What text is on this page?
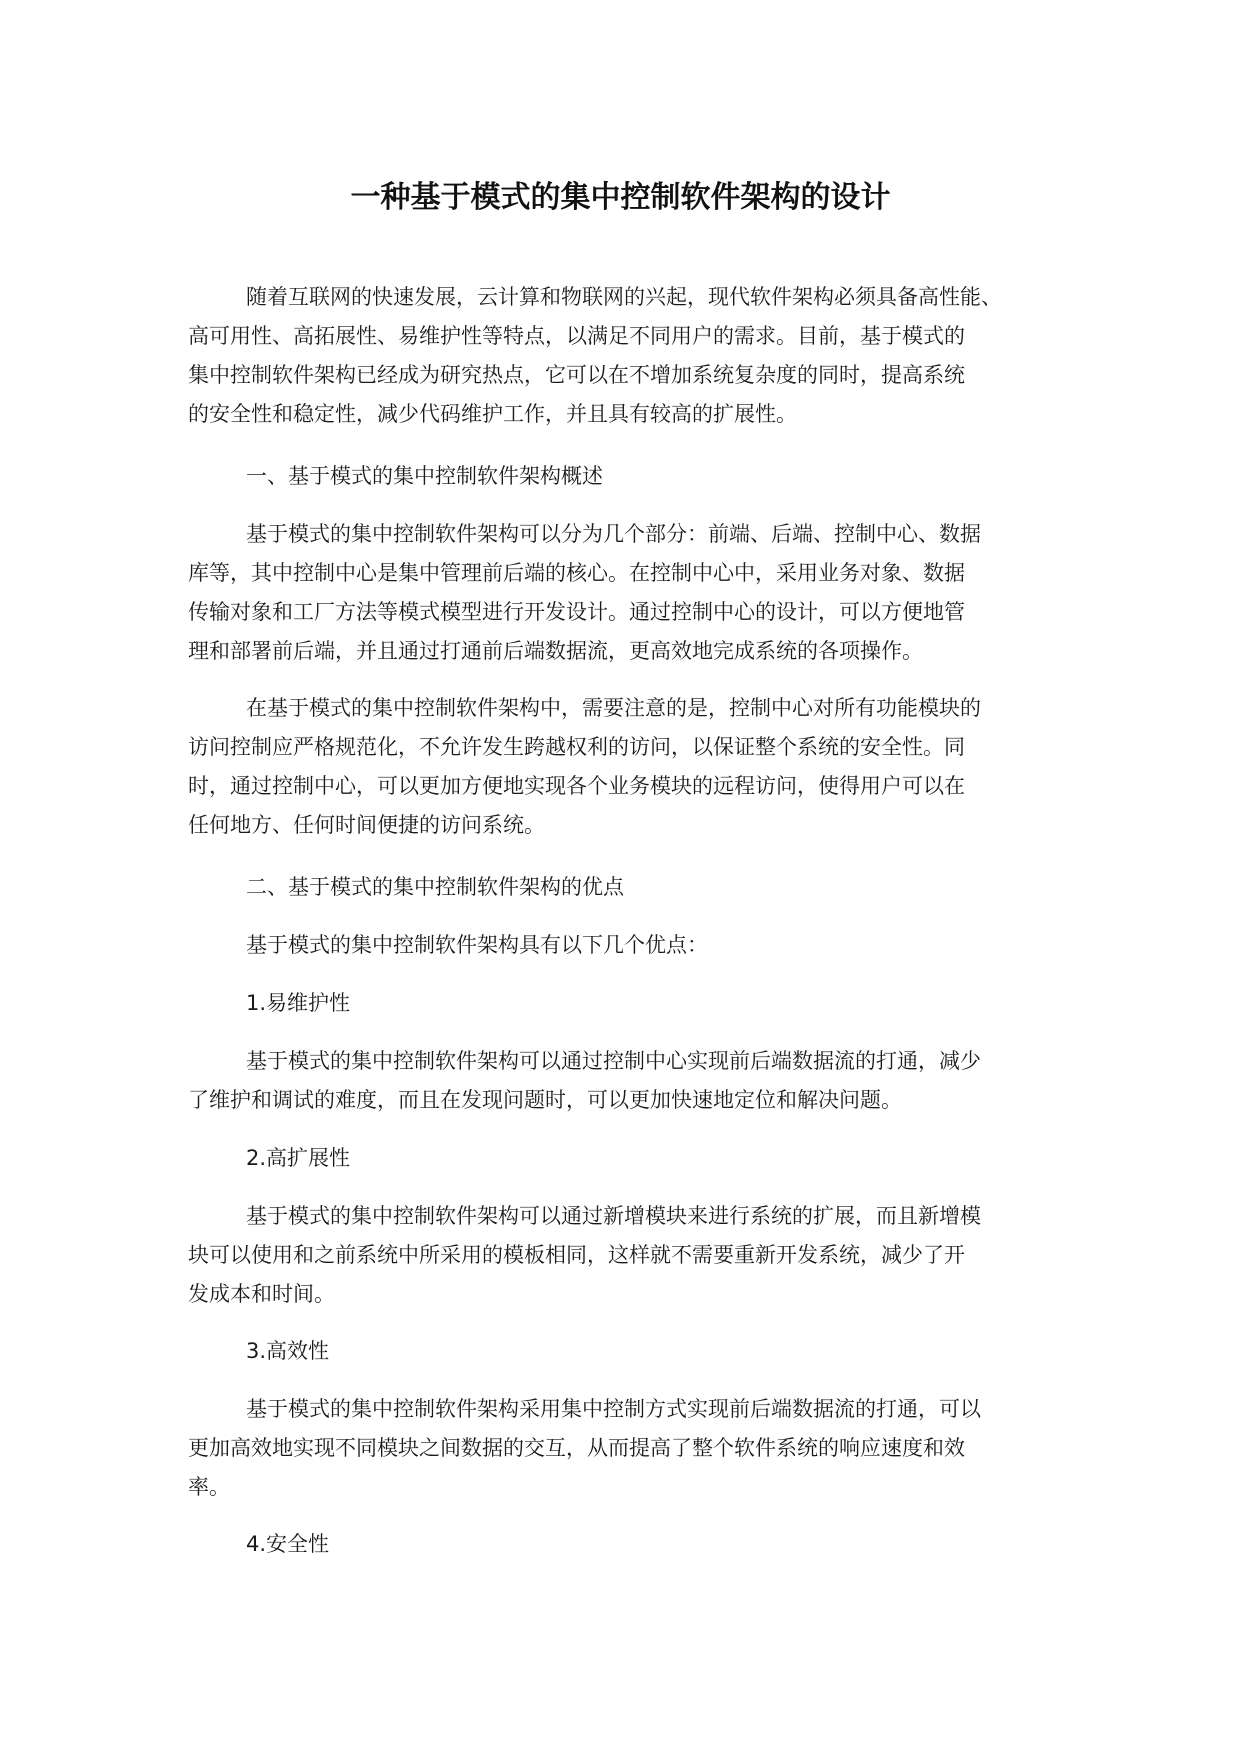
一种基于模式的集中控制软件架构的设计
随着互联网的快速发展，云计算和物联网的兴起，现代软件架构必须具备高性能、
高可用性、高拓展性、易维护性等特点，以满足不同用户的需求。目前，基于模式的
集中控制软件架构已经成为研究热点，它可以在不增加系统复杂度的同时，提高系统
的安全性和稳定性，减少代码维护工作，并且具有较高的扩展性。
一、基于模式的集中控制软件架构概述
基于模式的集中控制软件架构可以分为几个部分：前端、后端、控制中心、数据
库等，其中控制中心是集中管理前后端的核心。在控制中心中，采用业务对象、数据
传输对象和工厂方法等模式模型进行开发设计。通过控制中心的设计，可以方便地管
理和部署前后端，并且通过打通前后端数据流，更高效地完成系统的各项操作。
在基于模式的集中控制软件架构中，需要注意的是，控制中心对所有功能模块的
访问控制应严格规范化，不允许发生跨越权利的访问，以保证整个系统的安全性。同
时，通过控制中心，可以更加方便地实现各个业务模块的远程访问，使得用户可以在
任何地方、任何时间便捷的访问系统。
二、基于模式的集中控制软件架构的优点
基于模式的集中控制软件架构具有以下几个优点：
1.易维护性
基于模式的集中控制软件架构可以通过控制中心实现前后端数据流的打通，减少
了维护和调试的难度，而且在发现问题时，可以更加快速地定位和解决问题。
2.高扩展性
基于模式的集中控制软件架构可以通过新增模块来进行系统的扩展，而且新增模
块可以使用和之前系统中所采用的模板相同，这样就不需要重新开发系统，减少了开
发成本和时间。
3.高效性
基于模式的集中控制软件架构采用集中控制方式实现前后端数据流的打通，可以
更加高效地实现不同模块之间数据的交互，从而提高了整个软件系统的响应速度和效
率。
4.安全性
